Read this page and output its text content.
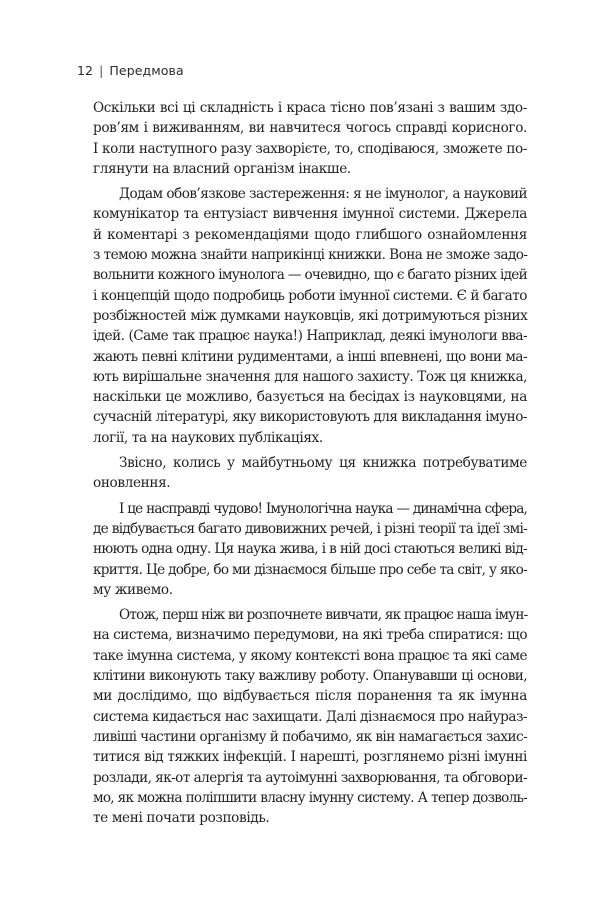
12 | Передмова

Оскільки всі ці складність і краса тісно пов’язані з вашим здо-
ров’ям і виживанням, ви навчитеся чогось справді корисного.
І коли наступного разу захворієте, то, сподіваюся, зможете по-
глянути на власний організм інакше.

Додам обов’язкове застереження: я не імунолог, а науковий
комунікатор та ентузіаст вивчення імунної системи. Джерела
й коментарі з рекомендаціями щодо глибшого ознайомлення
з темою можна знайти наприкінці книжки. Вона не зможе задо-
вольнити кожного імунолога — очевидно, що є багато різних ідей
і концепцій щодо подробиць роботи імунної системи. Є й багато
розбіжностей між думками науковців, які дотримуються різних
ідей. (Саме так працює наука!) Наприклад, деякі імунологи вва-
жають певні клітини рудиментами, а інші впевнені, що вони ма-
ють вирішальне значення для нашого захисту. Тож ця книжка,
наскільки це можливо, базується на бесідах із науковцями, на
сучасній літературі, яку використовують для викладання імуно-
логії, та на наукових публікаціях.

Звісно, колись у майбутньому ця книжка потребуватиме
оновлення.

І це насправді чудово! Імунологічна наука — динамічна сфера,
де відбувається багато дивовижних речей, і різні теорії та ідеї змі-
нюють одна одну. Ця наука жива, і в ній досі стаються великі від-
криття. Це добре, бо ми дізнаємося більше про себе та світ, у яко-
му живемо.

Отож, перш ніж ви розпочнете вивчати, як працює наша імун-
на система, визначимо передумови, на які треба спиратися: що
таке імунна система, у якому контексті вона працює та які саме
клітини виконують таку важливу роботу. Опанувавши ці основи,
ми дослідимо, що відбувається після поранення та як імунна
система кидається нас захищати. Далі дізнаємося про найураз-
ливіші частини організму й побачимо, як він намагається захис-
титися від тяжких інфекцій. І нарешті, розглянемо різні імунні
розлади, як-от алергія та аутоімунні захворювання, та обговори-
мо, як можна поліпшити власну імунну систему. А тепер дозволь-
те мені почати розповідь.
